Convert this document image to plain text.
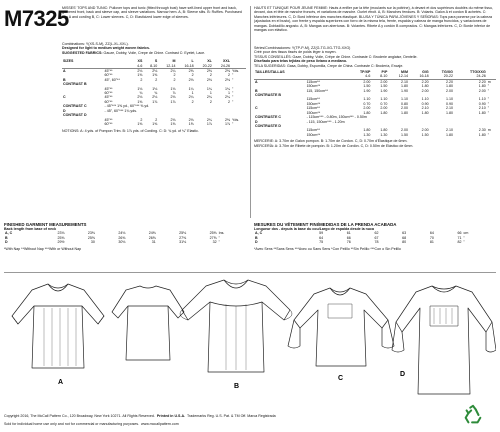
M7325

MISSES' TOPS AND TUNIC: Pullover tops and tunic (fitted through bust) have self-lined upper front and back, gathered front, back and sleeve cap, and sleeve variations. Narrow hem. A, B: Sleeve slits. B: Ruffles. Purchased trim A and cording B, C: Lower sleeves. C, D: Elasticized lower edge of sleeves.

Combinations: Y(XS-S-M), ZZ(L-XL-XXL).

Designed for light to medium weight woven fabrics.

SUGGESTED FABRICS: Gauze, Dobby, Voile, Crepe de Chine. Contrast C: Eyelet, Lace.

SIZES		XS	S	M	L	XL	XXL	
		4-6	8-10	12-14	16-18	20-22	24-26	
A	45"**	2⅛	2⅛	2¼	2⅜	2⅜	2⅜	Yds.
	60"**	1⅝	1⅝	2	2	2	2	"
B	45", 60"**	2	2	2	2⅛	2⅛	2⅛	"
CONTRAST B								
	45"**	1⅛	1⅛	1⅛	1¼	1¼	1¼	"
	60"**	¾	¾	⅞	1	1	1	"
C	45"**	2⅛	2⅛	2⅛	2¼	2¼	2¼	"
	60"**	1⅜	1⅞	1⅞	2	2	2	"
CONTRAST C	- 45"*** 1⅝ yd., 60"*** ⅝ yd.							
D	- 45", 60"*** 1¾ yds.							
CONTRAST D								
	45"**	2	2	2⅛	2⅛	2¼	2⅜	Yds.
	60"**	1⅜	1⅜	1⅝	1⅝	1⅞	1⅞	"

NOTIONS: A: 4 yds. of Pompon Trim. B: 1⅞ yds. of Cording. C: D: ¾ yd. of ¼" Elastic.

HAUTS ET TUNIQUE POUR JEUNE FEMME: Hauts à enfiler par la tête (moulants sur la poitrine), à devant et dos supérieurs doublés du même tissu, devant, dos et tête de manche froncés, et variations de manche. Ourlet étroit. A, B: Manches fendues. B: Volants. Galon A et cordon B achetés. C: Manches inférieures. C, D: Bord inférieur des manches élastiqué. BLUSA Y TÚNICA PARA JÓVENES Y SEÑORAS: Tops para ponerse por la cabeza (ajustados en el busto), con frente y espalda superiores con forro de la misma tela, frente, espalda y cabeza de manga fruncidos, y variaciones de mangas. Dobladillo angosto. A, B: Mangas con aberturas. B: Volantes. Ribete A y cordón B comprados. C: Mangas inferiores. C, D: Borde inferior de mangas con elástico.

Séries/Combinaciones: Y(TP-P-M), ZZ(G-TG-XG-TTG-XXG)

Créé pour des tissus tissés de poids léger à moyen.

TISSUS CONSEILLÉS: Gaze, Dobby, Voile, Crêpe de Chine. Contraste C: Broderie anglaise, Dentelle.

Diseñado para telas tejidas de peso liviano a mediano.

TELA SUGERIDAS: Gasa, Dobby, Espumilla, Crepe de China. Contraste C: Brodería, Encaje.

TAILLES/TALLAS		TP/XP	P/P	M/M	G/G	TG/XG	TTG/XXG	
		4-6	8-10	12-14	16-18	20-22	24-26	
A	115cm**	2.00	2.00	2.10	2.20	2.20	2.20	m
	150cm**	1.50	1.50	1.80	1.80	1.80	1.80	"
B	115, 150cm**	1.90	1.90	1.90	2.00	2.00	2.00	"
CONTRASTE B								
	115cm**	1.10	1.10	1.10	1.10	1.10	1.10	"
	150cm**	0.70	0.70	0.80	0.90	0.90	0.90	"
C	115cm**	2.00	2.00	2.00	2.10	2.10	2.10	"
	150cm**	1.80	1.80	1.80	1.80	1.80	1.80	"
CONTRASTE C	- 115cm*** - 0.80m, 150cm*** - 0.50m							
D	- 115, 150cm*** - 1.20m							
CONTRASTE D								
	115cm**	1.80	1.80	2.00	2.00	2.10	2.30	m
	150cm**	1.30	1.30	1.50	1.50	1.80	1.80	"

MERCERIE: A: 3.70m de Galon pompon. B: 1.70m de Cordon. C, D: 0.70m d'Élastique de 6mm.

MERCERÍA: A: 3.70m de Ribete de pompón. B: 1.20m de Cordón. C, D: 0.50m de Elástico de 6mm.

FINISHED GARMENT MEASUREMENTS

Back length from base of neck

A, C	23⅛	23⅜	24⅛	24⅜	25⅛	25⅜	Ins.
B	25⅜	25⅝	26⅜	26⅝	27⅜	27⅝	"
D	29½	30	30⅛	31	31⅛	32	"

*With Nap **Without Nap ***With or Without Nap

MESURES DU VÊTEMENT FINI/MEDIDAS DE LA PRENDA ACABADA

Longueur dos - depuis la base du cou/Largo de espalda desde la nuca

A, C	59	61	62	63	64	66	cm
B	64	66	67	68	70	71	"
D	75	76	78	80	81	82	"

*Avec Sens **Sans Sens ***Avec ou Sans Sens *Con Pelillo **Sin Pelillo ***Con o Sin Pelillo

A
B
C
D

Copyright 2016, The McCall Pattern Co., 120 Broadway, New York 10271. All Rights Reserved. Printed in U.S.A. Trademarks Reg. U.S. Pat. & TM Off. Marca Registrada

Sold for individual home use only and not for commercial or manufacturing purposes. www.mccallpattern.com
